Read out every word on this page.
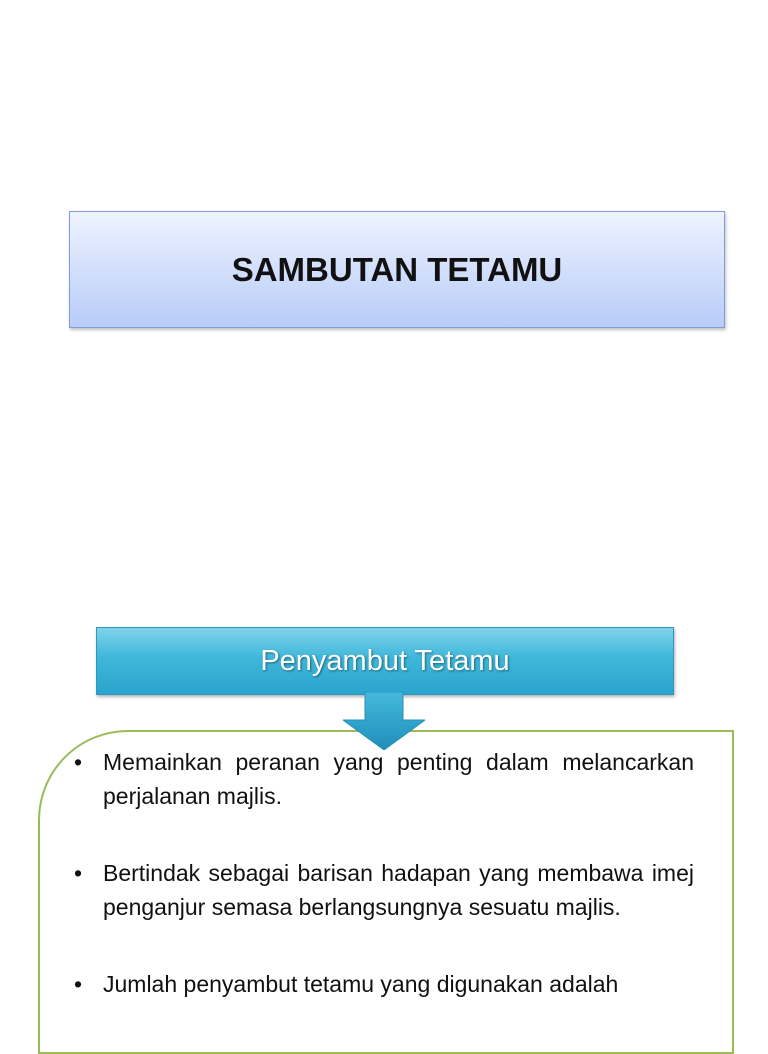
SAMBUTAN TETAMU
Penyambut Tetamu
• Memainkan peranan yang penting dalam melancarkan perjalanan majlis.
• Bertindak sebagai barisan hadapan yang membawa imej penganjur semasa berlangsungnya sesuatu majlis.
• Jumlah penyambut tetamu yang digunakan adalah
